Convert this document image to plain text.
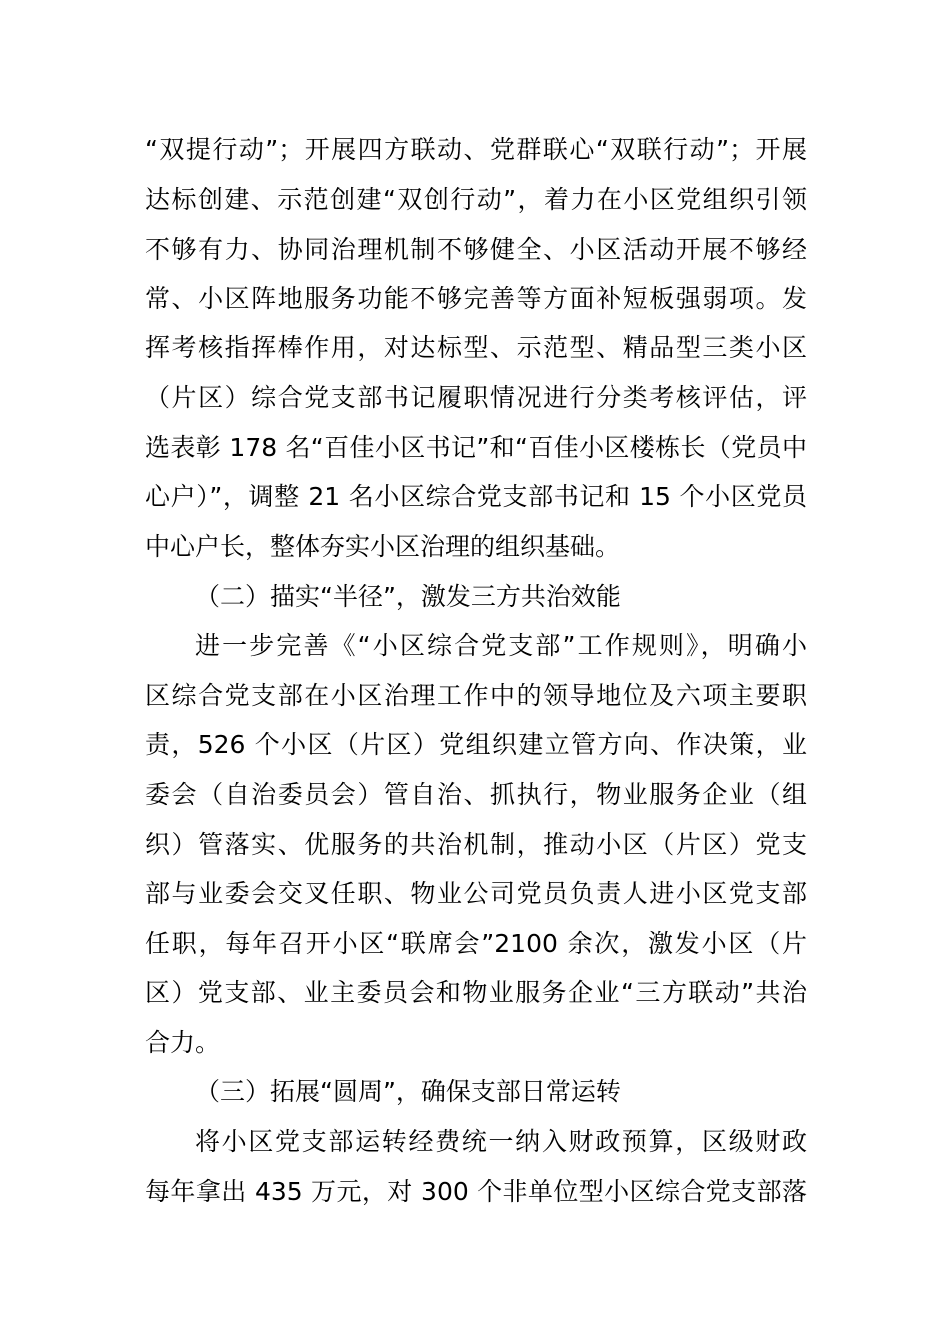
“双提行动”；开展四方联动、党群联心“双联行动”；开展
达标创建、示范创建“双创行动”，着力在小区党组织引领
不够有力、协同治理机制不够健全、小区活动开展不够经
常、小区阵地服务功能不够完善等方面补短板强弱项。发
挥考核指挥棒作用，对达标型、示范型、精品型三类小区
（片区）综合党支部书记履职情况进行分类考核评估，评
选表彰 178 名“百佳小区书记”和“百佳小区楼栋长（党员中
心户）”，调整 21 名小区综合党支部书记和 15 个小区党员
中心户长，整体夯实小区治理的组织基础。
（二）描实“半径”，激发三方共治效能
进一步完善《“小区综合党支部”工作规则》，明确小
区综合党支部在小区治理工作中的领导地位及六项主要职
责，526 个小区（片区）党组织建立管方向、作决策，业
委会（自治委员会）管自治、抓执行，物业服务企业（组
织）管落实、优服务的共治机制，推动小区（片区）党支
部与业委会交叉任职、物业公司党员负责人进小区党支部
任职，每年召开小区“联席会”2100 余次，激发小区（片
区）党支部、业主委员会和物业服务企业“三方联动”共治
合力。
（三）拓展“圆周”，确保支部日常运转
将小区党支部运转经费统一纳入财政预算，区级财政
每年拿出 435 万元，对 300 个非单位型小区综合党支部落
